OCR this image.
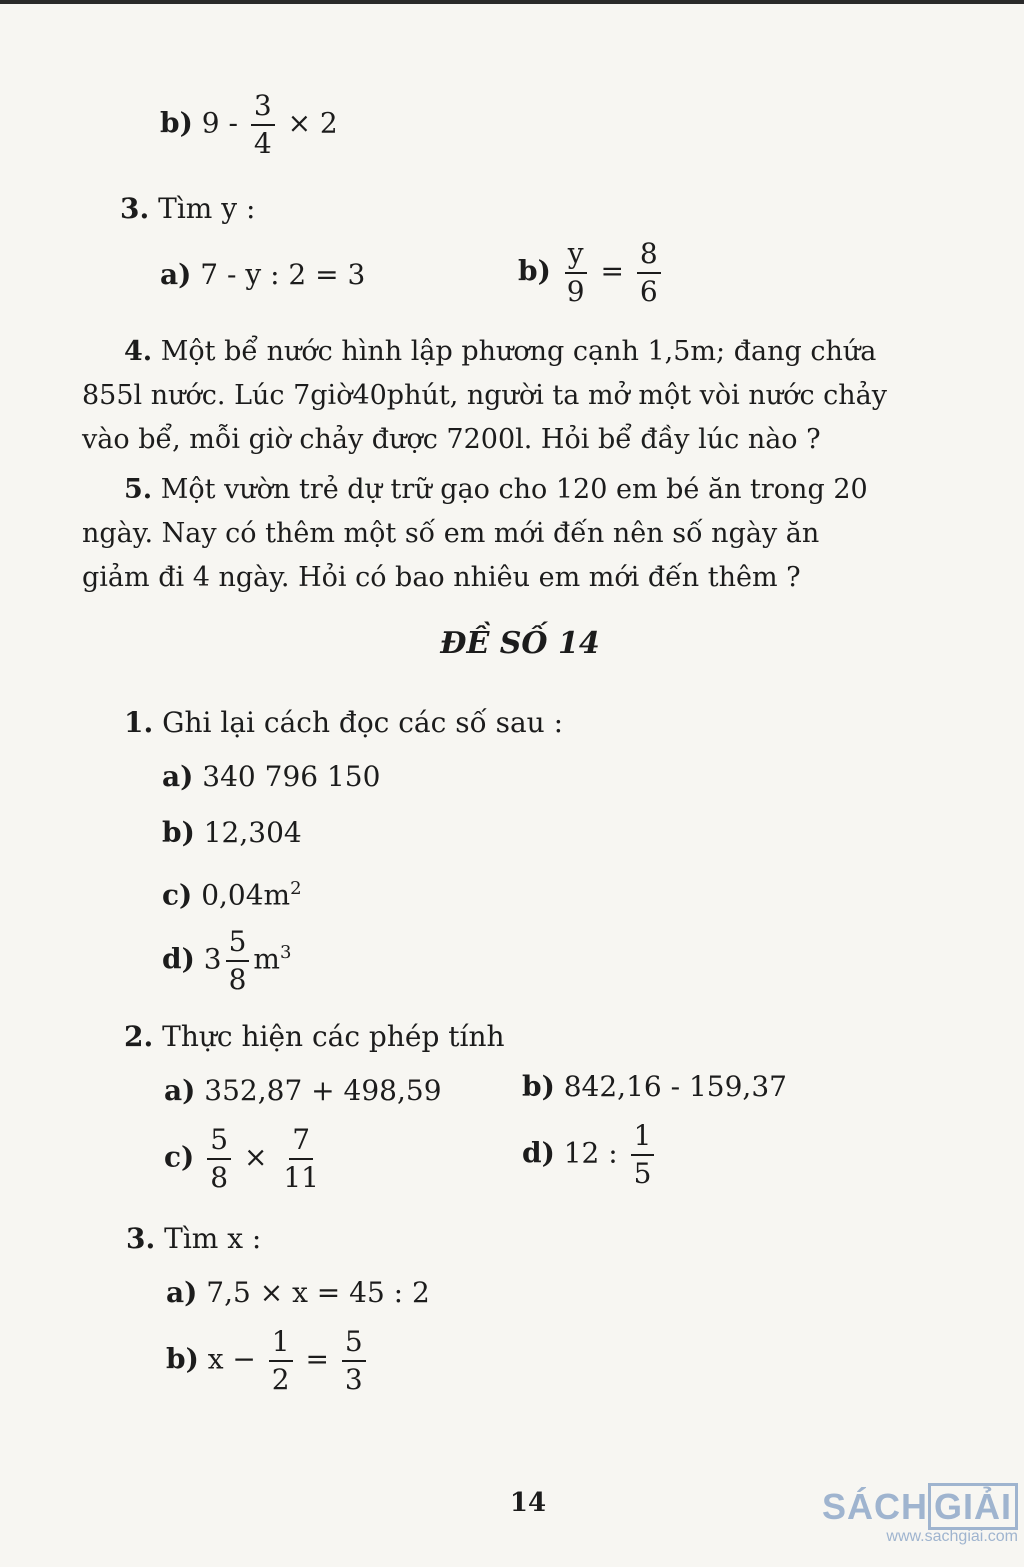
b) $9 - \frac{3}{4} \times 2$
3. Tìm y :
a) 7 - y : 2 = 3	$b) \frac{y}{9} = \frac{8}{6}$
4. Một bể nước hình lập phương cạnh 1,5m; đang chứa
855l nước. Lúc 7giờ40phút, người ta mở một vòi nước chảy
vào bể, mỗi giờ chảy được 7200l. Hỏi bể đầy lúc nào ?
5. Một vườn trẻ dự trữ gạo cho 120 em bé ăn trong 20
ngày. Nay có thêm một số em mới đến nên số ngày ăn
giảm đi 4 ngày. Hỏi có bao nhiêu em mới đến thêm ?
ĐỀ SỐ 14
1. Ghi lại cách đọc các số sau :
a) 340 796 150
b) 12,304
c) $0,04m^2$
d) $3 \frac{5}{8} m^3$
2. Thực hiện các phép tính
a) 352,87 + 498,59	b) 842,16 - 159,37
$c) \frac{5}{8} \times \frac{7}{11}$	d) 12 : $\frac{1}{5}$
3. Tìm x :
a) 7,5 × x = 45 : 2
b) $x - \frac{1}{2} = \frac{5}{3}$
14	SÁCH GIẢI
www.sachgiai.com
